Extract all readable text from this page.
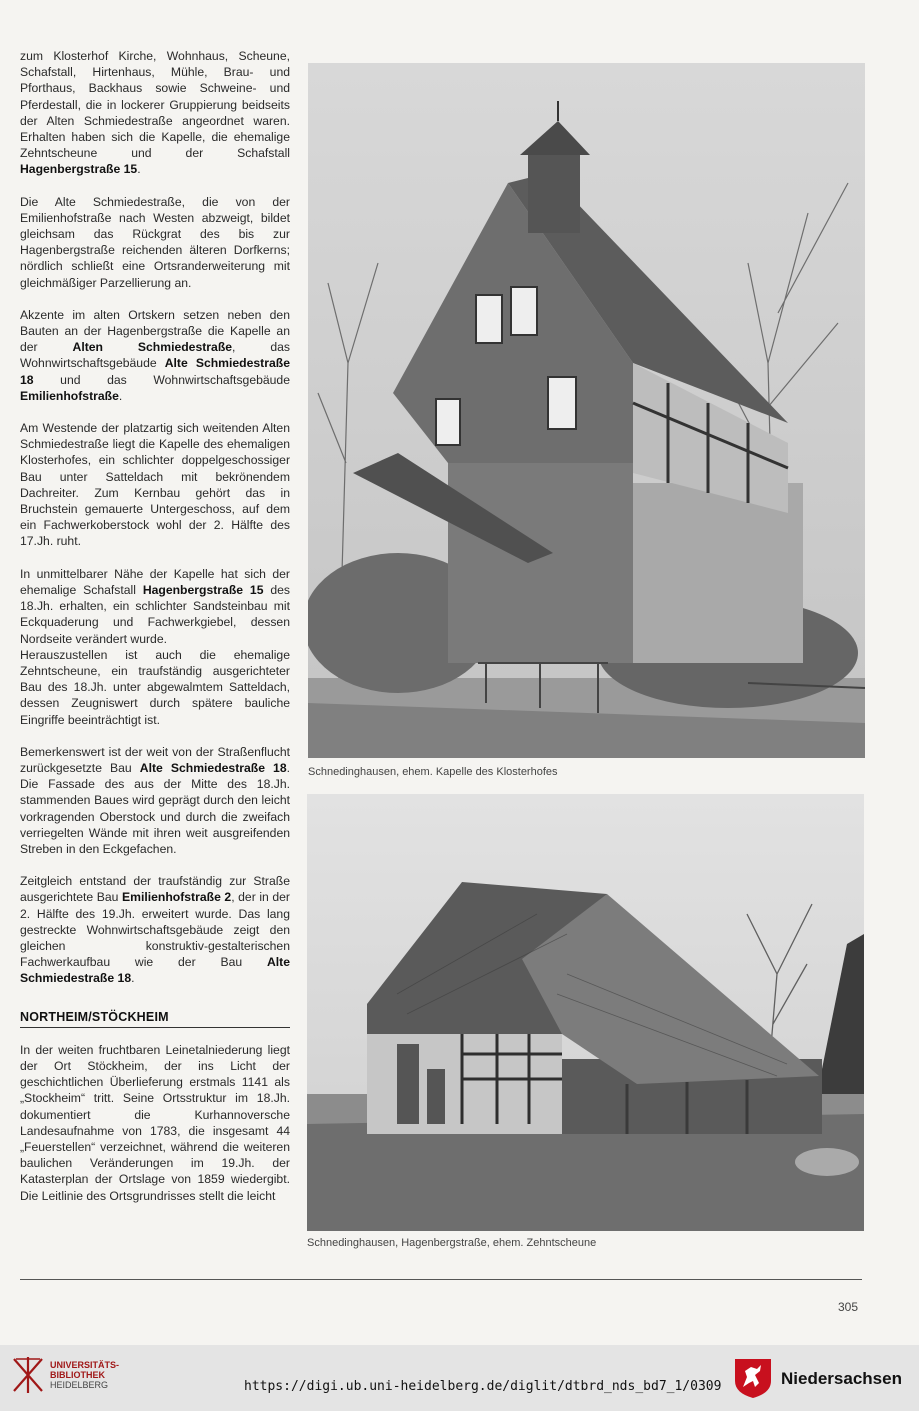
zum Klosterhof Kirche, Wohnhaus, Scheune, Schafstall, Hirtenhaus, Mühle, Brau- und Pforthaus, Backhaus sowie Schweine- und Pferdestall, die in lockerer Gruppierung beidseits der Alten Schmiedestraße angeordnet waren. Erhalten haben sich die Kapelle, die ehemalige Zehntscheune und der Schafstall Hagenbergstraße 15.

Die Alte Schmiedestraße, die von der Emilienhofstraße nach Westen abzweigt, bildet gleichsam das Rückgrat des bis zur Hagenbergstraße reichenden älteren Dorfkerns; nördlich schließt eine Ortsranderweiterung mit gleichmäßiger Parzellierung an.

Akzente im alten Ortskern setzen neben den Bauten an der Hagenbergstraße die Kapelle an der Alten Schmiedestraße, das Wohnwirtschaftsgebäude Alte Schmiedestraße 18 und das Wohnwirtschaftsgebäude Emilienhofstraße.

Am Westende der platzartig sich weitenden Alten Schmiedestraße liegt die Kapelle des ehemaligen Klosterhofes, ein schlichter doppelgeschossiger Bau unter Satteldach mit bekrönendem Dachreiter. Zum Kernbau gehört das in Bruchstein gemauerte Untergeschoss, auf dem ein Fachwerkoberstock wohl der 2. Hälfte des 17.Jh. ruht.

In unmittelbarer Nähe der Kapelle hat sich der ehemalige Schafstall Hagenbergstraße 15 des 18.Jh. erhalten, ein schlichter Sandsteinbau mit Eckquaderung und Fachwerkgiebel, dessen Nordseite verändert wurde.

Herauszustellen ist auch die ehemalige Zehntscheune, ein traufständig ausgerichteter Bau des 18.Jh. unter abgewalmtem Satteldach, dessen Zeugniswert durch spätere bauliche Eingriffe beeinträchtigt ist.

Bemerkenswert ist der weit von der Straßenflucht zurückgesetzte Bau Alte Schmiedestraße 18. Die Fassade des aus der Mitte des 18.Jh. stammenden Baues wird geprägt durch den leicht vorkragenden Oberstock und durch die zweifach verriegelten Wände mit ihren weit ausgreifenden Streben in den Eckgefachen.

Zeitgleich entstand der traufständig zur Straße ausgerichtete Bau Emilienhofstraße 2, der in der 2. Hälfte des 19.Jh. erweitert wurde. Das lang gestreckte Wohnwirtschaftsgebäude zeigt den gleichen konstruktiv-gestalterischen Fachwerkaufbau wie der Bau Alte Schmiedestraße 18.

NORTHEIM/STÖCKHEIM

In der weiten fruchtbaren Leinetalniederung liegt der Ort Stöckheim, der ins Licht der geschichtlichen Überlieferung erstmals 1141 als „Stockheim“ tritt. Seine Ortsstruktur im 18.Jh. dokumentiert die Kurhannoversche Landesaufnahme von 1783, die insgesamt 44 „Feuerstellen“ verzeichnet, während die weiteren baulichen Veränderungen im 19.Jh. der Katasterplan der Ortslage von 1859 wiedergibt. Die Leitlinie des Ortsgrundrisses stellt die leicht

Schnedinghausen, ehem. Kapelle des Klosterhofes
Schnedinghausen, Hagenbergstraße, ehem. Zehntscheune
305
UNIVERSITÄTS-
BIBLIOTHEK
HEIDELBERG	https://digi.ub.uni-heidelberg.de/diglit/dtbrd_nds_bd7_1/0309	Niedersachsen
